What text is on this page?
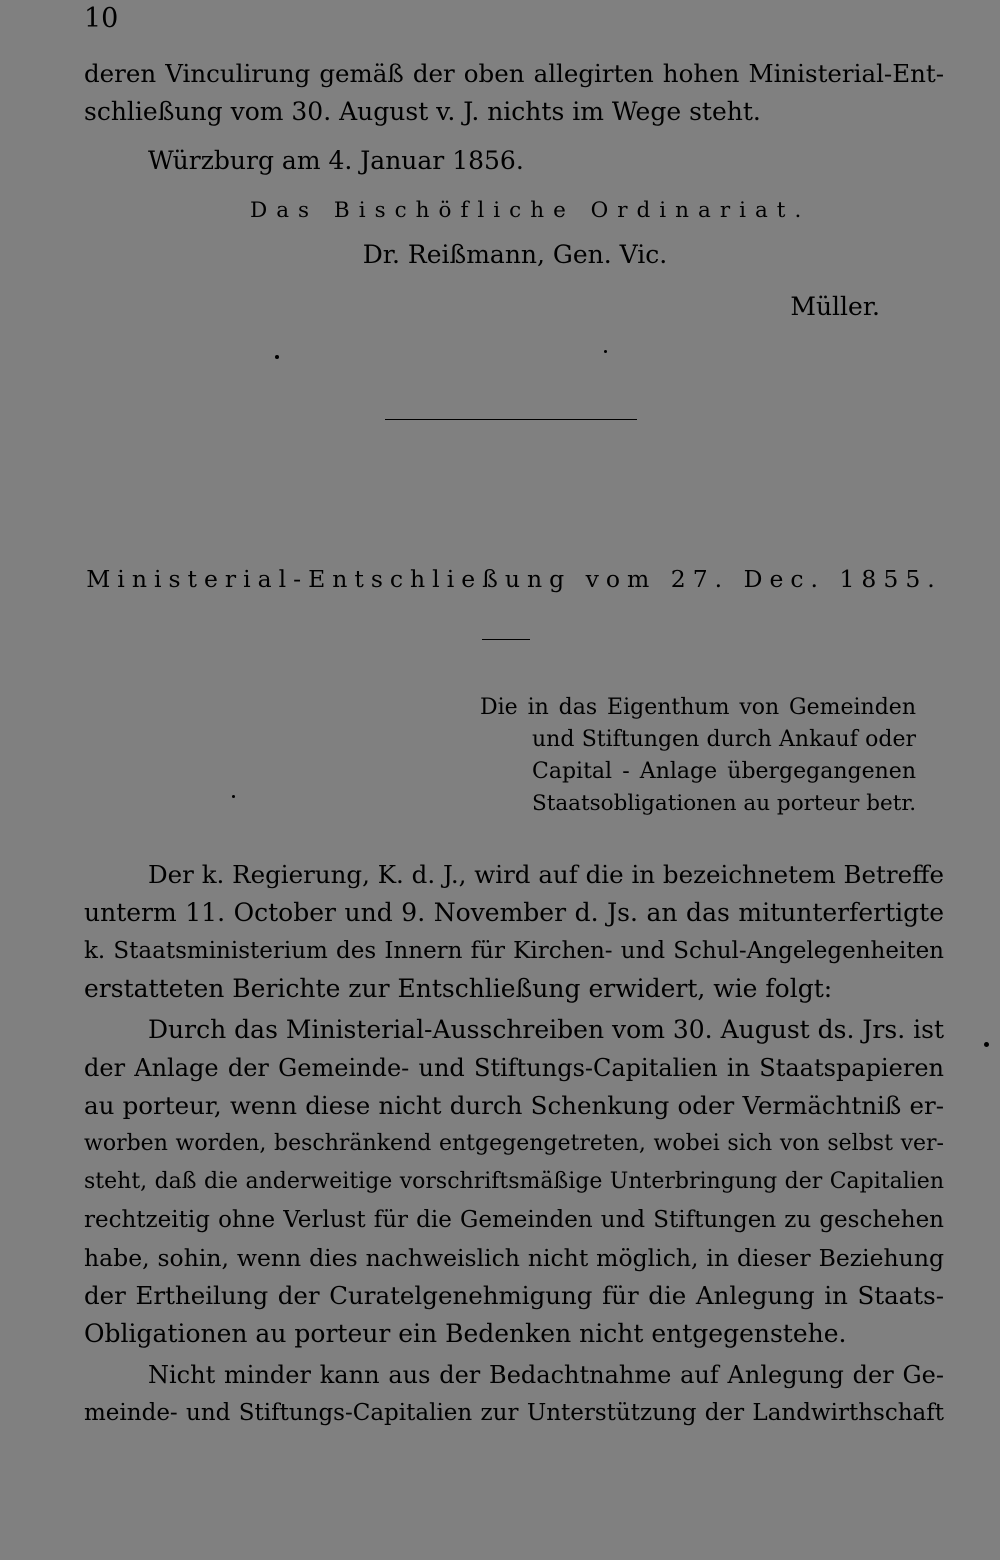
10
deren Vinculirung gemäß der oben allegirten hohen Ministerial-Ent-
schließung vom 30. August v. J. nichts im Wege steht.
Würzburg am 4. Januar 1856.
Das Bischöfliche Ordinariat.
Dr. Reißmann, Gen. Vic.
Müller.
Ministerial-Entschließung vom 27. Dec. 1855.
Die in das Eigenthum von Gemeinden
und Stiftungen durch Ankauf oder
Capital - Anlage übergegangenen
Staatsobligationen au porteur betr.
Der k. Regierung, K. d. J., wird auf die in bezeichnetem Betreffe
unterm 11. October und 9. November d. Js. an das mitunterfertigte
k. Staatsministerium des Innern für Kirchen- und Schul-Angelegenheiten
erstatteten Berichte zur Entschließung erwidert, wie folgt:
Durch das Ministerial-Ausschreiben vom 30. August ds. Jrs. ist
der Anlage der Gemeinde- und Stiftungs-Capitalien in Staatspapieren
au porteur, wenn diese nicht durch Schenkung oder Vermächtniß er-
worben worden, beschränkend entgegengetreten, wobei sich von selbst ver-
steht, daß die anderweitige vorschriftsmäßige Unterbringung der Capitalien
rechtzeitig ohne Verlust für die Gemeinden und Stiftungen zu geschehen
habe, sohin, wenn dies nachweislich nicht möglich, in dieser Beziehung
der Ertheilung der Curatelgenehmigung für die Anlegung in Staats-
Obligationen au porteur ein Bedenken nicht entgegenstehe.
Nicht minder kann aus der Bedachtnahme auf Anlegung der Ge-
meinde- und Stiftungs-Capitalien zur Unterstützung der Landwirthschaft
